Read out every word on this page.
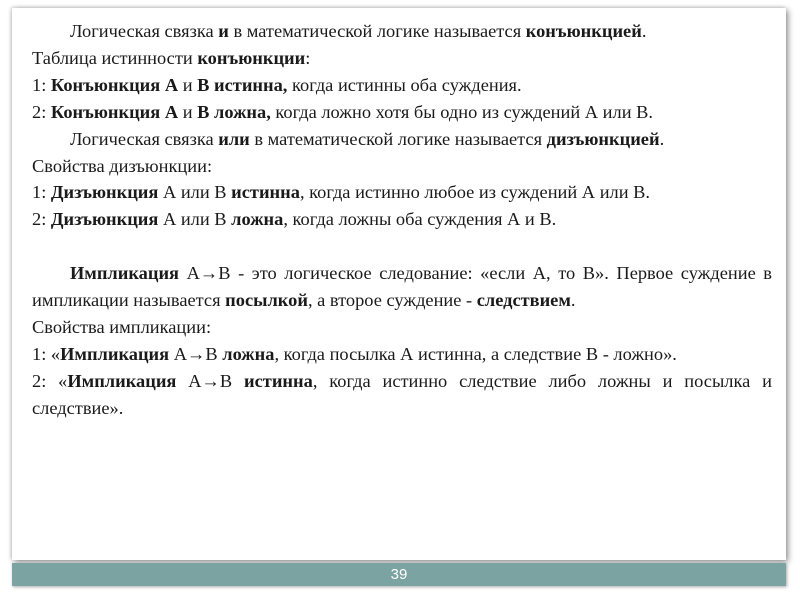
Логическая связка и в математической логике называется конъюнкцией.

Таблица истинности конъюнкции:

1: Конъюнкция А и В истинна, когда истинны оба суждения.

2: Конъюнкция А и В ложна, когда ложно хотя бы одно из суждений А или В.

Логическая связка или в математической логике называется дизъюнкцией.

Свойства дизъюнкции:

1: Дизъюнкция А или В истинна, когда истинно любое из суждений А или В.

2: Дизъюнкция А или В ложна, когда ложны оба суждения А и В.

Импликация А→В - это логическое следование: «если А, то В». Первое суждение в импликации называется посылкой, а второе суждение - следствием.

Свойства импликации:

1: «Импликация А→В ложна, когда посылка А истинна, а следствие В - ложно».

2: «Импликация А→В истинна, когда истинно следствие либо ложны и посылка и следствие».

39
